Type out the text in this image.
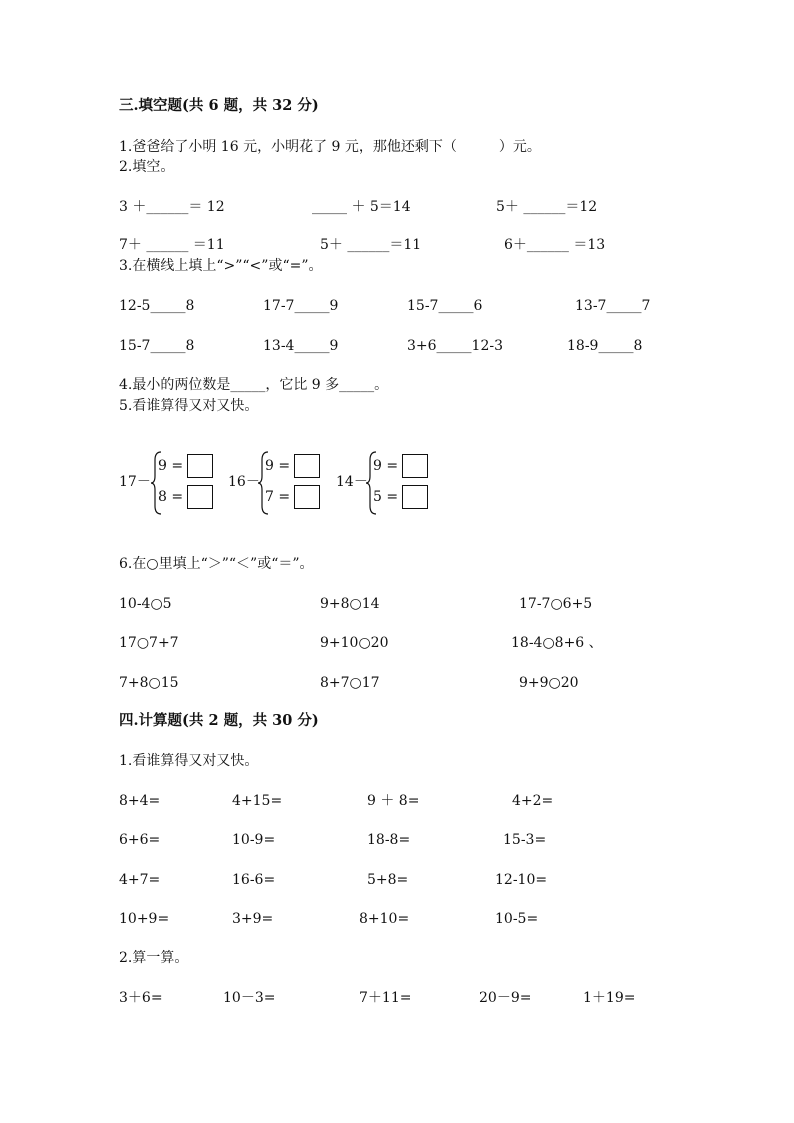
三.填空题(共 6 题，共 32 分)
1.爸爸给了小明 16 元，小明花了 9 元，那他还剩下（　　　）元。
2.填空。
3 ＋______＝ 12	_____ ＋ 5＝14	5＋ ______＝12
7＋ ______ ＝11	5＋ ______＝11	6＋______ ＝13
3.在横线上填上“>”“<”或“=”。
12-5_____8	17-7_____9	15-7_____6	13-7_____7
15-7_____8	13-4_____9	3+6_____12-3	18-9_____8
4.最小的两位数是_____，它比 9 多_____。
5.看谁算得又对又快。
17－
9 =
8 =
16－
9 =
7 =
14－
9 =
5 =
6.在○里填上“＞”“＜”或“＝”。
10-4○5	9+8○14	17-7○6+5
17○7+7	9+10○20	18-4○8+6 、
7+8○15	8+7○17	9+9○20
四.计算题(共 2 题，共 30 分)
1.看谁算得又对又快。
8+4=	4+15=	9 ＋ 8=	4+2=
6+6=	10-9=	18-8=	15-3=
4+7=	16-6=	5+8=	12-10=
10+9=	3+9=	8+10=	10-5=
2.算一算。
3＋6=	10－3=	7＋11=	20－9=	1＋19=
